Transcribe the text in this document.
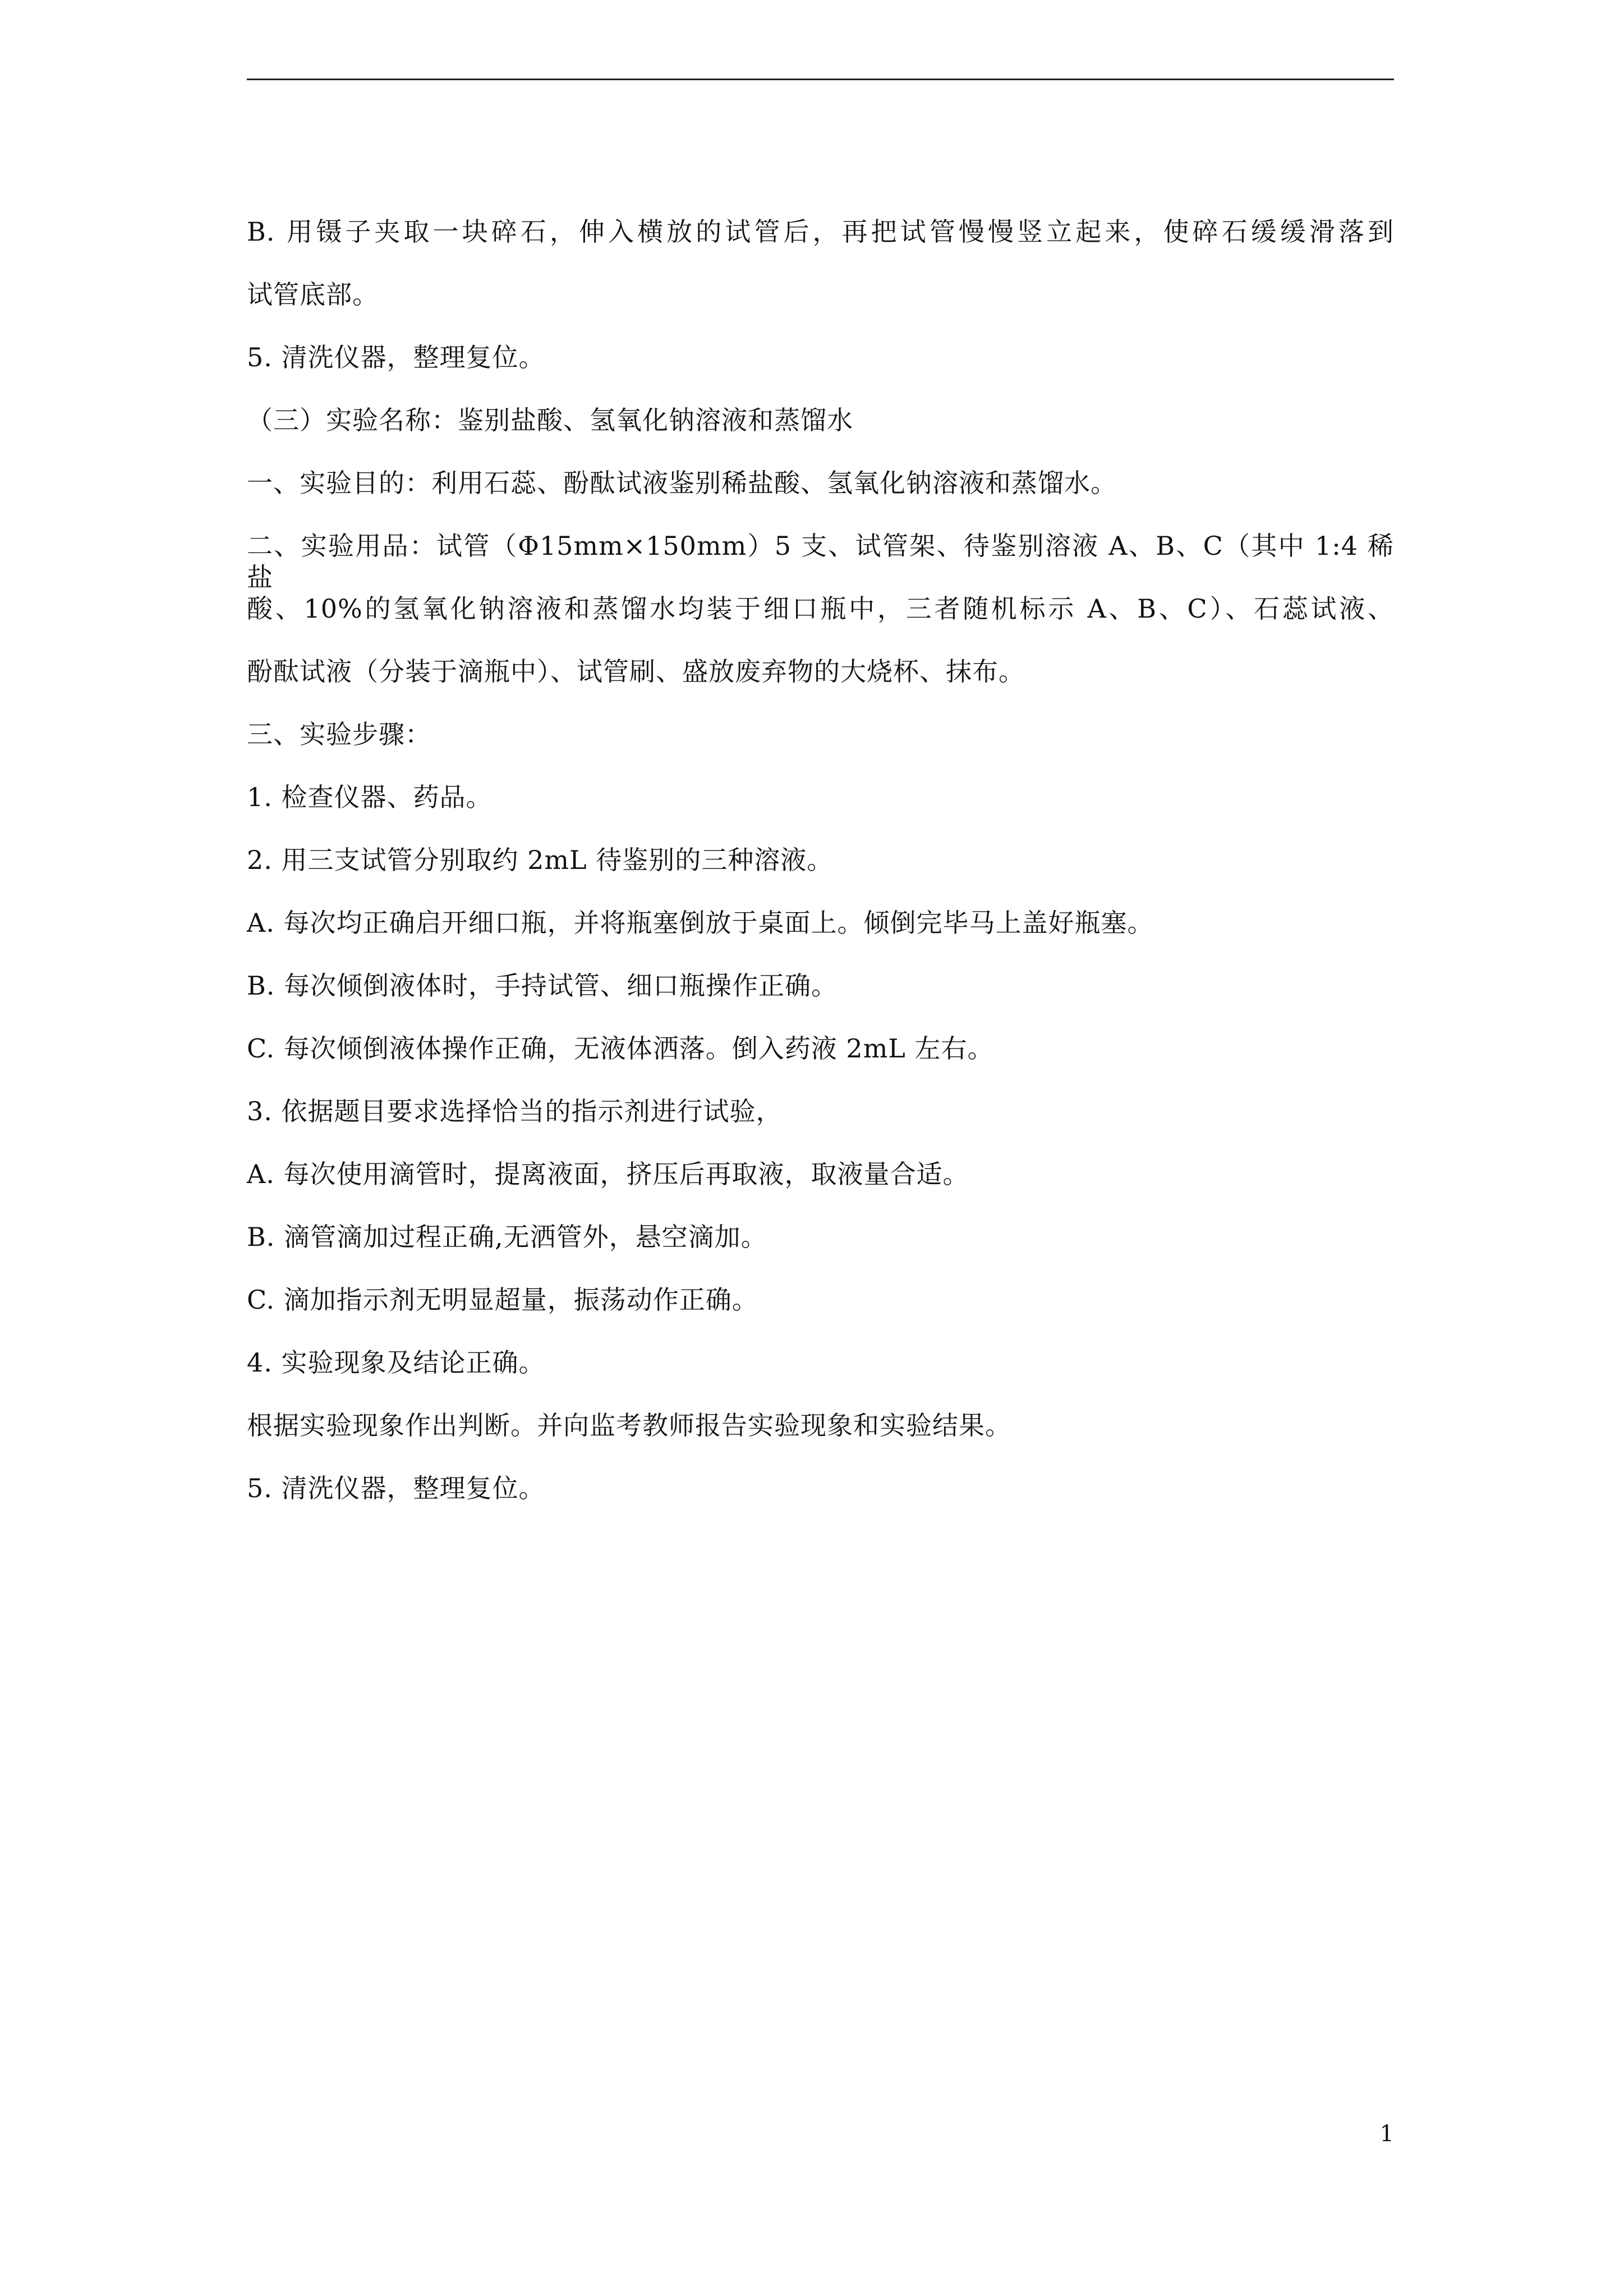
B. 用镊子夹取一块碎石，伸入横放的试管后，再把试管慢慢竖立起来，使碎石缓缓滑落到
试管底部。
5. 清洗仪器，整理复位。
（三）实验名称：鉴别盐酸、氢氧化钠溶液和蒸馏水
一、实验目的：利用石蕊、酚酞试液鉴别稀盐酸、氢氧化钠溶液和蒸馏水。
二、实验用品：试管（Φ15mm×150mm）5 支、试管架、待鉴别溶液 A、B、C（其中 1:4 稀盐
酸、10%的氢氧化钠溶液和蒸馏水均装于细口瓶中，三者随机标示 A、B、C）、石蕊试液、
酚酞试液（分装于滴瓶中）、试管刷、盛放废弃物的大烧杯、抹布。
三、实验步骤：
1. 检查仪器、药品。
2. 用三支试管分别取约 2mL 待鉴别的三种溶液。
A. 每次均正确启开细口瓶，并将瓶塞倒放于桌面上。倾倒完毕马上盖好瓶塞。
B. 每次倾倒液体时，手持试管、细口瓶操作正确。
C. 每次倾倒液体操作正确，无液体洒落。倒入药液 2mL 左右。
3. 依据题目要求选择恰当的指示剂进行试验，
A. 每次使用滴管时，提离液面，挤压后再取液，取液量合适。
B. 滴管滴加过程正确,无洒管外，悬空滴加。
C. 滴加指示剂无明显超量，振荡动作正确。
4. 实验现象及结论正确。
根据实验现象作出判断。并向监考教师报告实验现象和实验结果。
5. 清洗仪器，整理复位。
1
